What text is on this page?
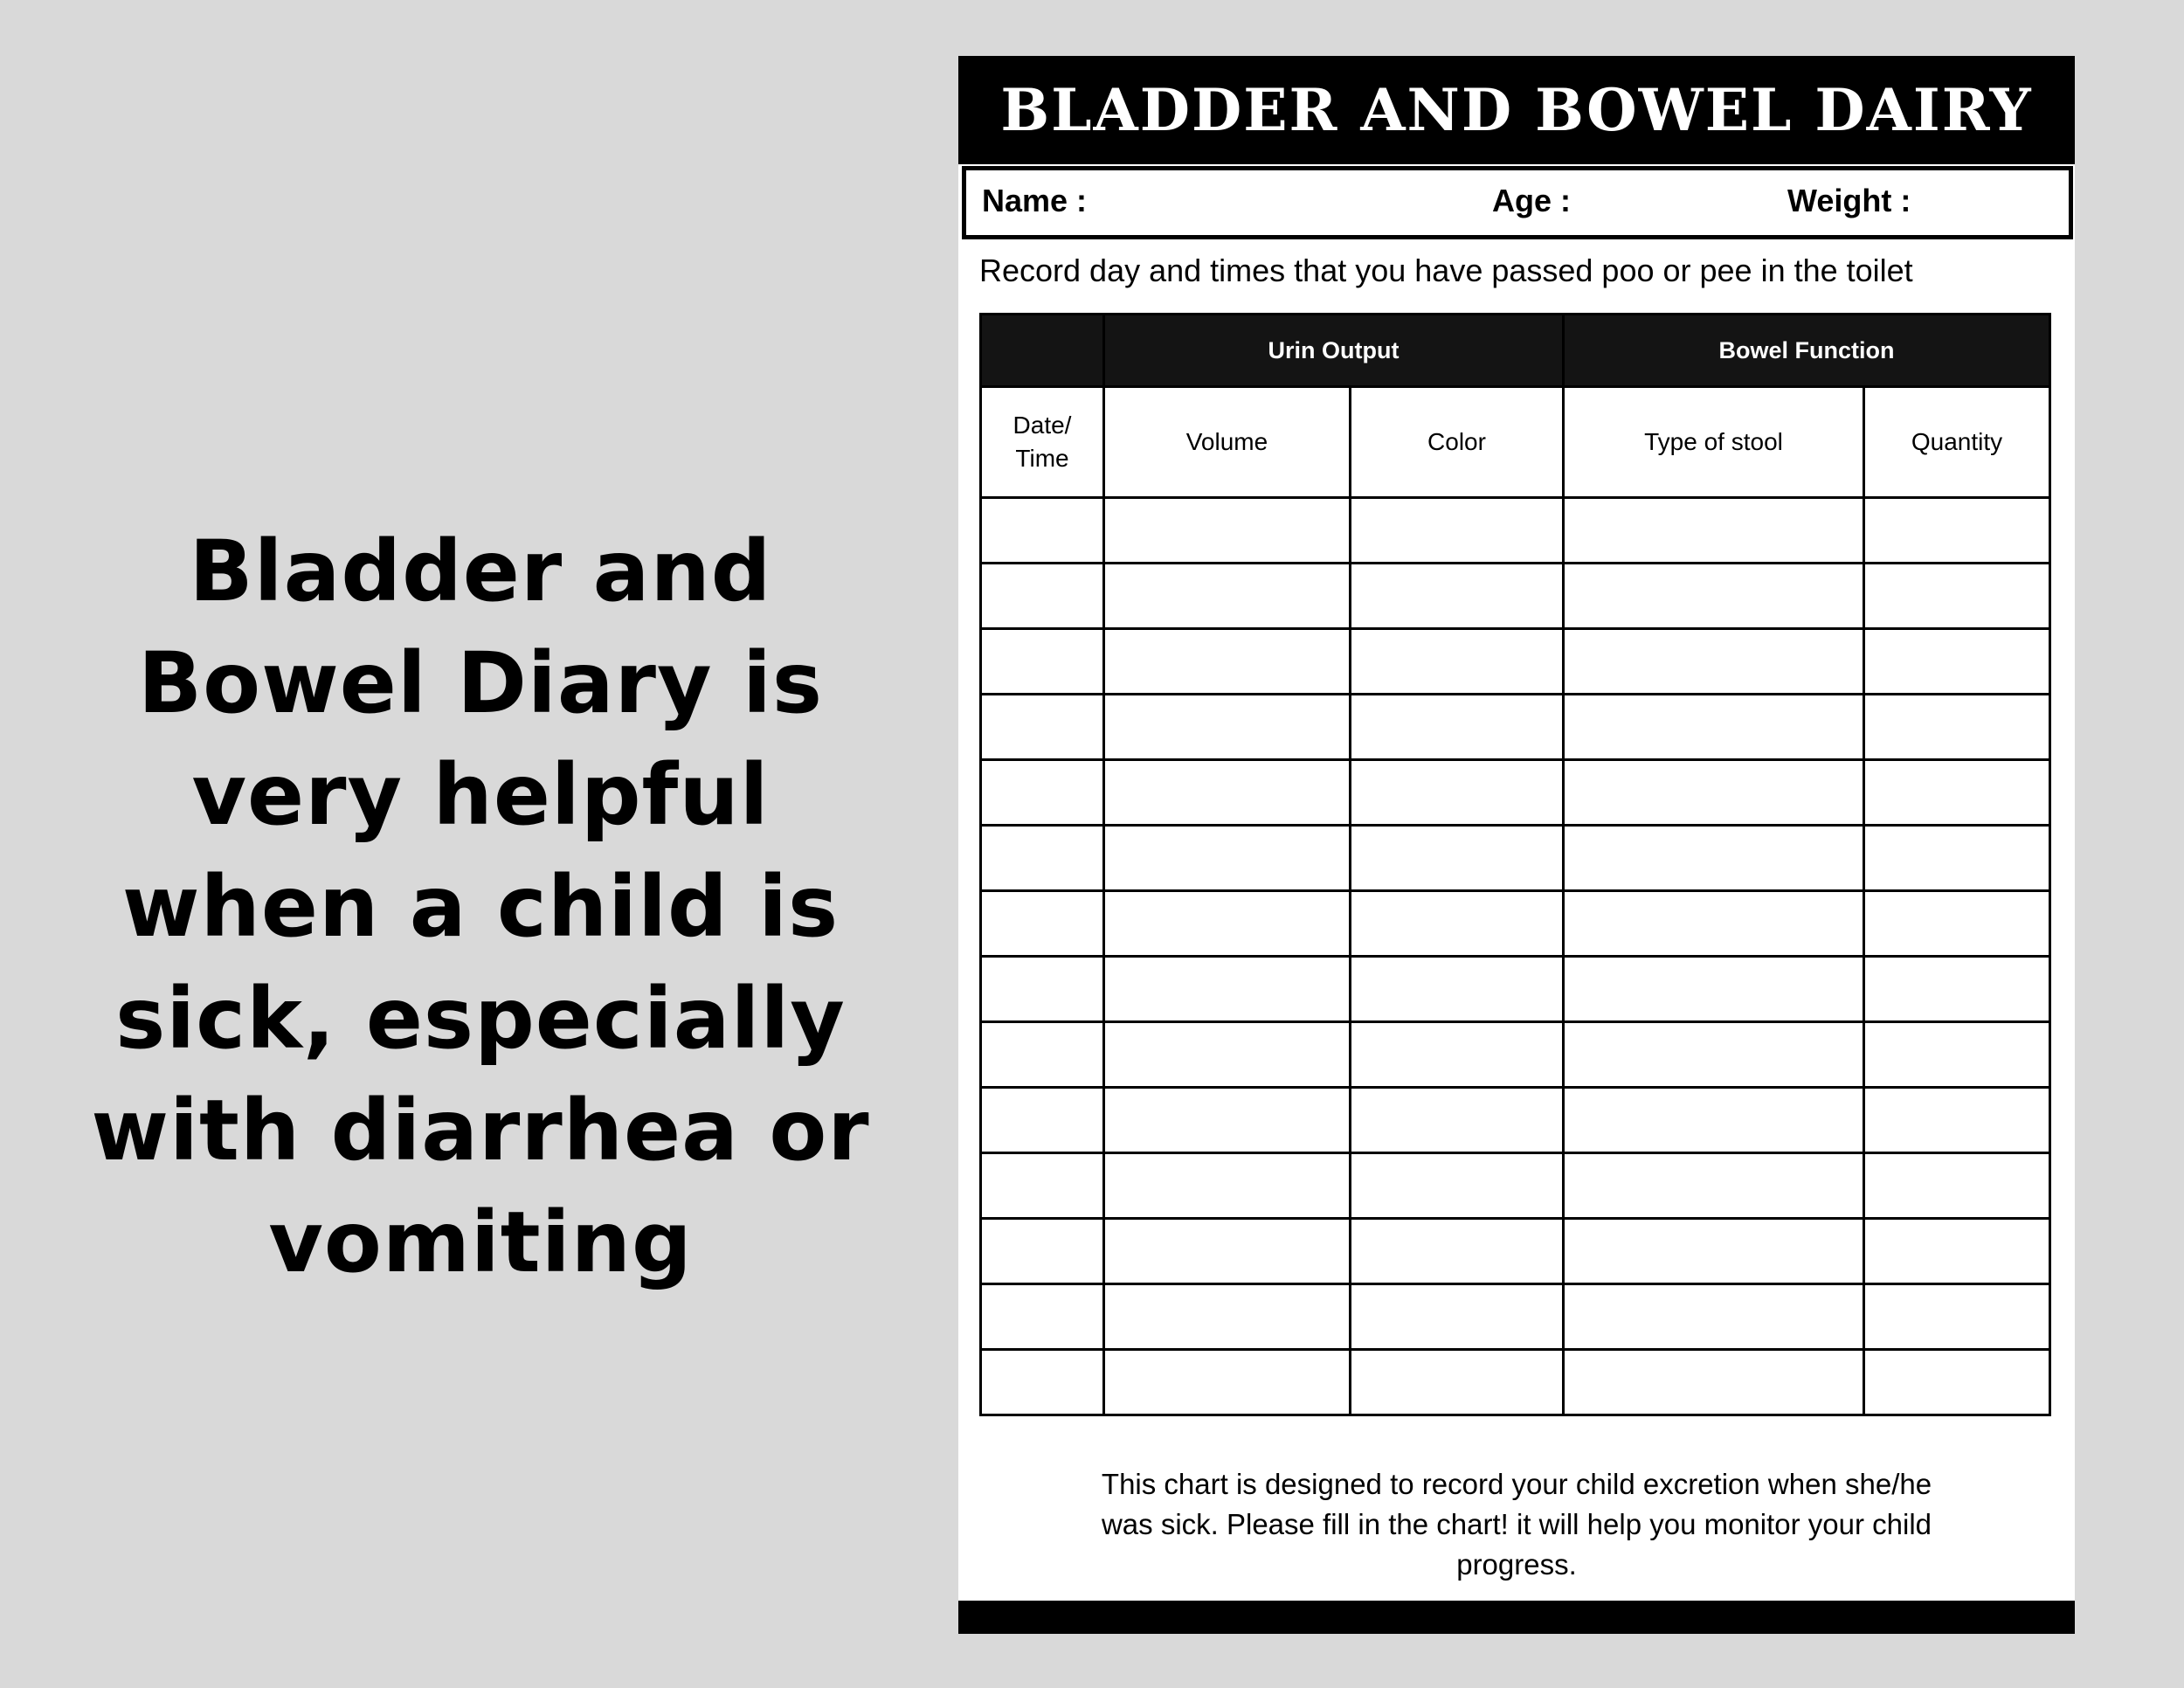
Bladder and
Bowel Diary is
very helpful
when a child is
sick, especially
with diarrhea or
vomiting
BLADDER AND BOWEL DAIRY
Name :	Age :	Weight :
Record day and times that you have passed poo or pee in the toilet
	Urin Output		Bowel Function	
Date/ Time	Volume	Color	Type of stool	Quantity

This chart is designed to record your child excretion when she/he was sick. Please fill in the chart! it will help you monitor your child progress.
